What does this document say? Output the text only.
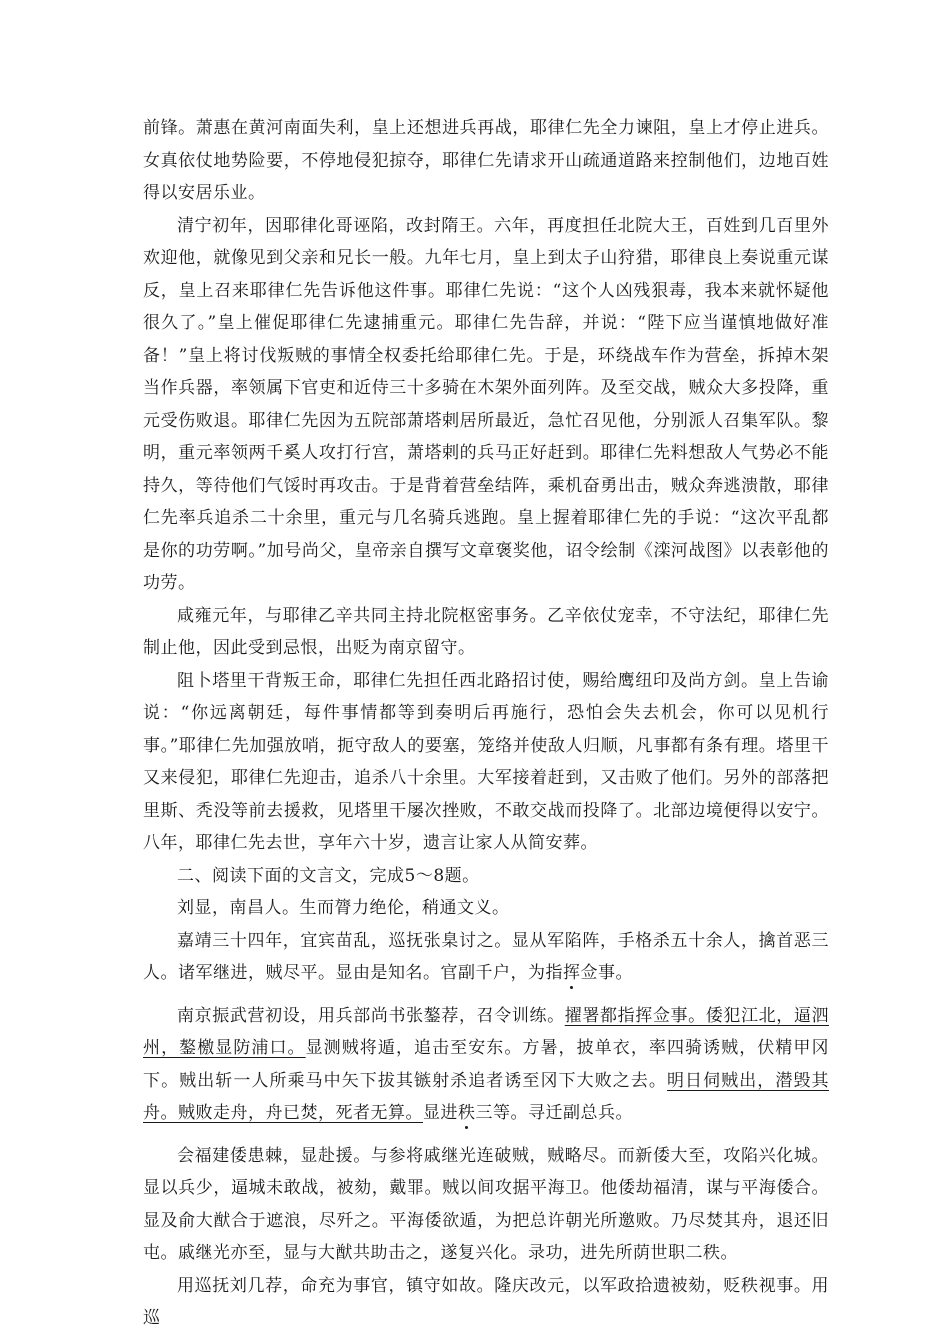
前锋。萧惠在黄河南面失利，皇上还想进兵再战，耶律仁先全力谏阻，皇上才停止进兵。女真依仗地势险要，不停地侵犯掠夺，耶律仁先请求开山疏通道路来控制他们，边地百姓得以安居乐业。

清宁初年，因耶律化哥诬陷，改封隋王。六年，再度担任北院大王，百姓到几百里外欢迎他，就像见到父亲和兄长一般。九年七月，皇上到太子山狩猎，耶律良上奏说重元谋反，皇上召来耶律仁先告诉他这件事。耶律仁先说：“这个人凶残狠毒，我本来就怀疑他很久了。”皇上催促耶律仁先逮捕重元。耶律仁先告辞，并说：“陛下应当谨慎地做好准备！”皇上将讨伐叛贼的事情全权委托给耶律仁先。于是，环绕战车作为营垒，拆掉木架当作兵器，率领属下官吏和近侍三十多骑在木架外面列阵。及至交战，贼众大多投降，重元受伤败退。耶律仁先因为五院部萧塔剌居所最近，急忙召见他，分别派人召集军队。黎明，重元率领两千奚人攻打行宫，萧塔剌的兵马正好赶到。耶律仁先料想敌人气势必不能持久，等待他们气馁时再攻击。于是背着营垒结阵，乘机奋勇出击，贼众奔逃溃散，耶律仁先率兵追杀二十余里，重元与几名骑兵逃跑。皇上握着耶律仁先的手说：“这次平乱都是你的功劳啊。”加号尚父，皇帝亲自撰写文章褒奖他，诏令绘制《滦河战图》以表彰他的功劳。

咸雍元年，与耶律乙辛共同主持北院枢密事务。乙辛依仗宠幸，不守法纪，耶律仁先制止他，因此受到忌恨，出贬为南京留守。

阻卜塔里干背叛王命，耶律仁先担任西北路招讨使，赐给鹰纽印及尚方剑。皇上告谕说：“你远离朝廷，每件事情都等到奏明后再施行，恐怕会失去机会，你可以见机行事。”耶律仁先加强放哨，扼守敌人的要塞，笼络并使敌人归顺，凡事都有条有理。塔里干又来侵犯，耶律仁先迎击，追杀八十余里。大军接着赶到，又击败了他们。另外的部落把里斯、秃没等前去援救，见塔里干屡次挫败，不敢交战而投降了。北部边境便得以安宁。八年，耶律仁先去世，享年六十岁，遗言让家人从简安葬。

二、阅读下面的文言文，完成5～8题。

刘显，南昌人。生而膂力绝伦，稍通文义。

嘉靖三十四年，宜宾苗乱，巡抚张臬讨之。显从军陷阵，手格杀五十余人，擒首恶三人。诸军继进，贼尽平。显由是知名。官副千户，为指挥佥事。

南京振武营初设，用兵部尚书张鏊荐，召令训练。擢署都指挥佥事。倭犯江北，逼泗州，鏊檄显防浦口。显测贼将遁，追击至安东。方暑，披单衣，率四骑诱贼，伏精甲冈下。贼出斩一人所乘马中矢下拔其镞射杀追者诱至冈下大败之去。明日伺贼出，潜毁其舟。贼败走舟，舟已焚，死者无算。显进秩三等。寻迁副总兵。

会福建倭患棘，显赴援。与参将戚继光连破贼，贼略尽。而新倭大至，攻陷兴化城。显以兵少，逼城未敢战，被劾，戴罪。贼以间攻据平海卫。他倭劫福清，谋与平海倭合。显及俞大猷合于遮浪，尽歼之。平海倭欲遁，为把总许朝光所邀败。乃尽焚其舟，退还旧屯。戚继光亦至，显与大猷共助击之，遂复兴化。录功，进先所荫世职二秩。

用巡抚刘几荐，命充为事官，镇守如故。隆庆改元，以军政拾遗被劾，贬秩视事。用巡
